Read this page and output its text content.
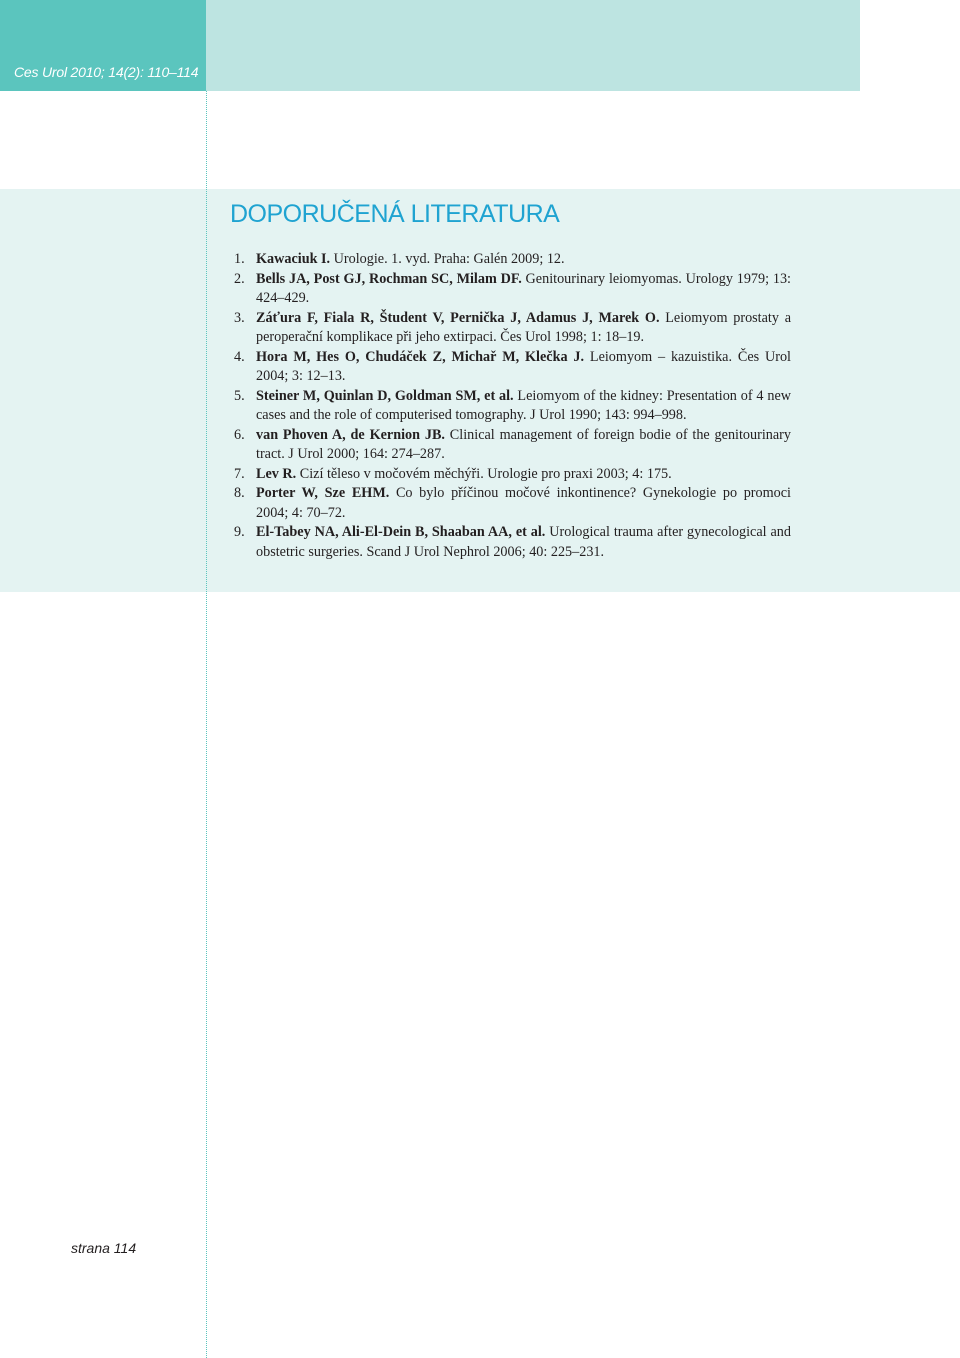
Ces Urol 2010; 14(2): 110–114
DOPORUČENÁ LITERATURA
1. Kawaciuk I. Urologie. 1. vyd. Praha: Galén 2009; 12.
2. Bells JA, Post GJ, Rochman SC, Milam DF. Genitourinary leiomyomas. Urology 1979; 13: 424–429.
3. Záťura F, Fiala R, Študent V, Pernička J, Adamus J, Marek O. Leiomyom prostaty a peroperační komplikace při jeho extirpaci. Čes Urol 1998; 1: 18–19.
4. Hora M, Hes O, Chudáček Z, Michař M, Klečka J. Leiomyom – kazuistika. Čes Urol 2004; 3: 12–13.
5. Steiner M, Quinlan D, Goldman SM, et al. Leiomyom of the kidney: Presentation of 4 new cases and the role of computerised tomography. J Urol 1990; 143: 994–998.
6. van Phoven A, de Kernion JB. Clinical management of foreign bodie of the genitourinary tract. J Urol 2000; 164: 274–287.
7. Lev R. Cizí těleso v močovém měchýři. Urologie pro praxi 2003; 4: 175.
8. Porter W, Sze EHM. Co bylo příčinou močové inkontinence? Gynekologie po promoci 2004; 4: 70–72.
9. El-Tabey NA, Ali-El-Dein B, Shaaban AA, et al. Urological trauma after gynecological and obstetric surgeries. Scand J Urol Nephrol 2006; 40: 225–231.
strana 114
